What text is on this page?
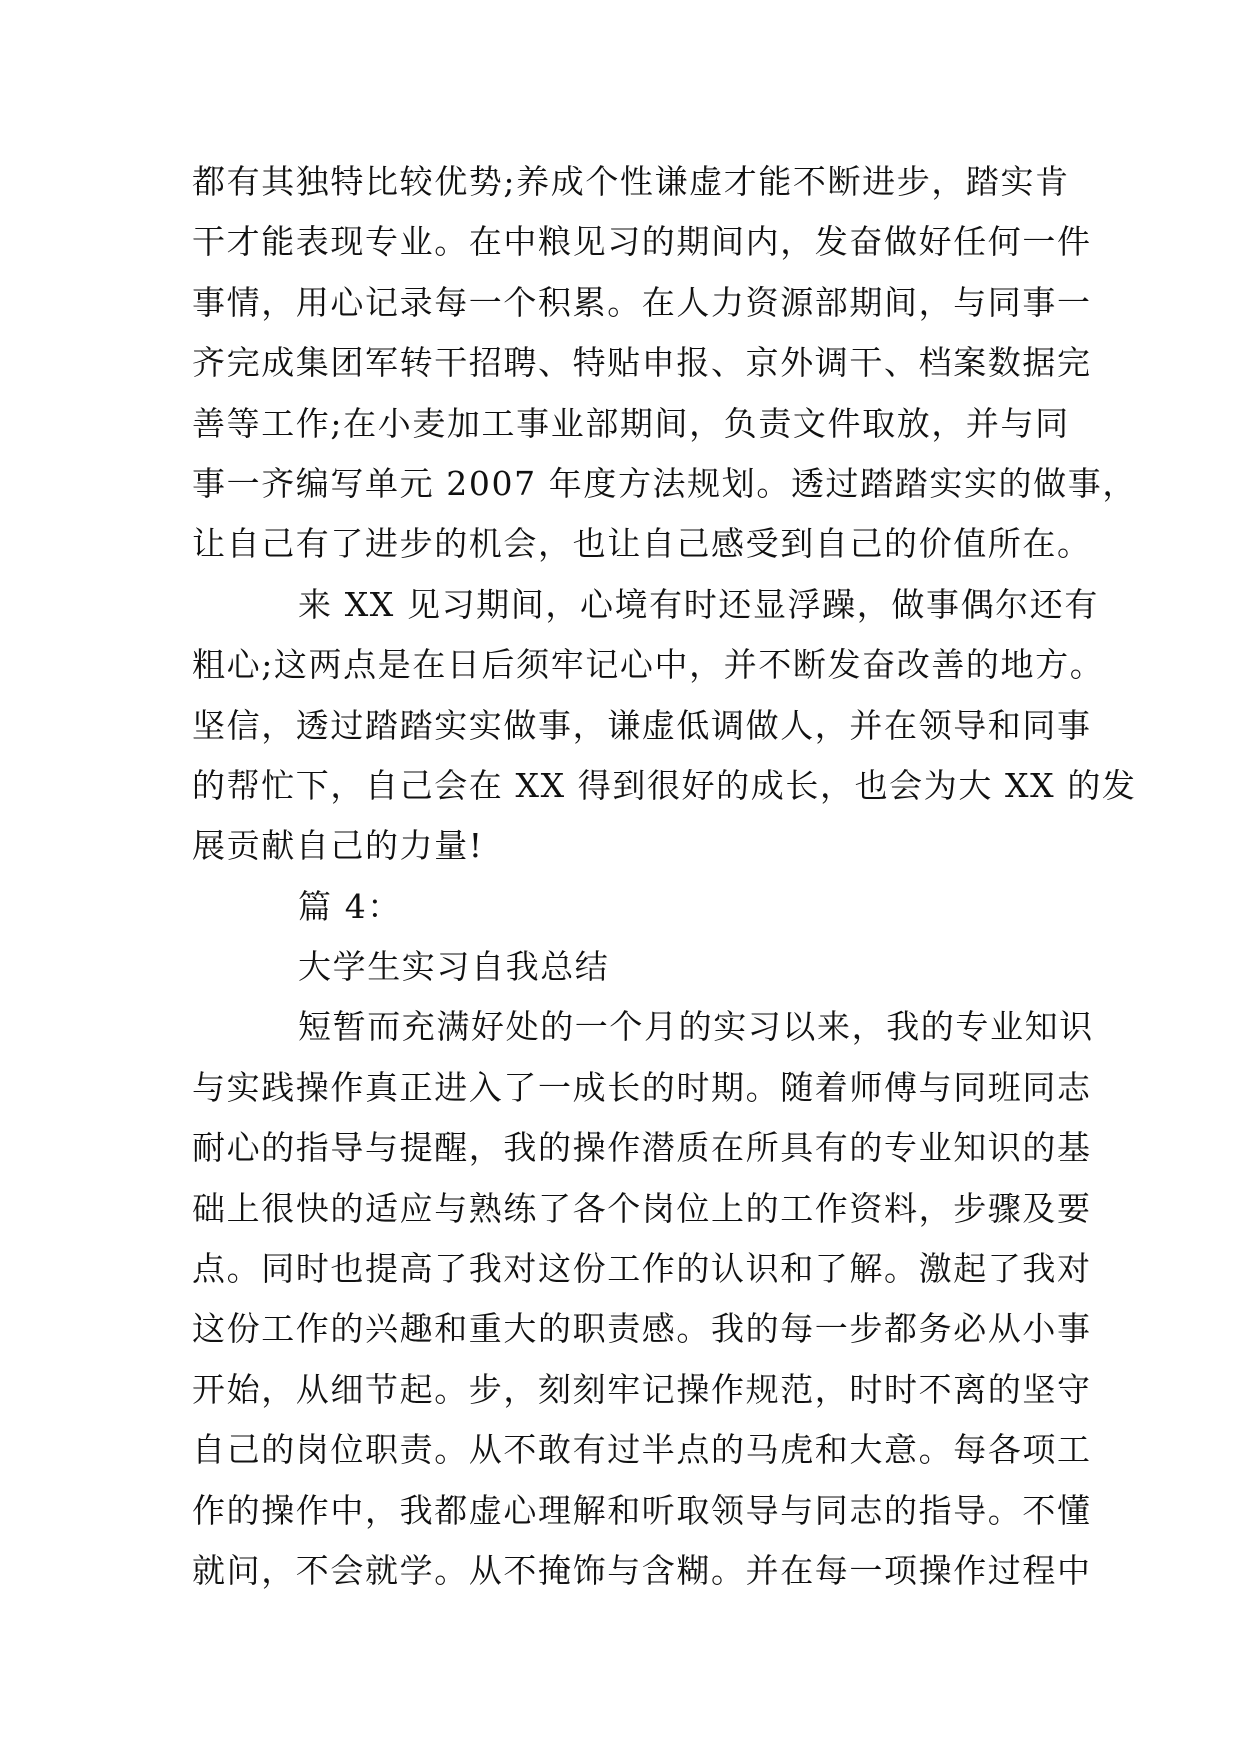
都有其独特比较优势;养成个性谦虚才能不断进步，踏实肯
干才能表现专业。在中粮见习的期间内，发奋做好任何一件
事情，用心记录每一个积累。在人力资源部期间，与同事一
齐完成集团军转干招聘、特贴申报、京外调干、档案数据完
善等工作;在小麦加工事业部期间，负责文件取放，并与同
事一齐编写单元 2007 年度方法规划。透过踏踏实实的做事，
让自己有了进步的机会，也让自己感受到自己的价值所在。
来 XX 见习期间，心境有时还显浮躁，做事偶尔还有
粗心;这两点是在日后须牢记心中，并不断发奋改善的地方。
坚信，透过踏踏实实做事，谦虚低调做人，并在领导和同事
的帮忙下，自己会在 XX 得到很好的成长，也会为大 XX 的发
展贡献自己的力量!
篇 4：
大学生实习自我总结
短暂而充满好处的一个月的实习以来，我的专业知识
与实践操作真正进入了一成长的时期。随着师傅与同班同志
耐心的指导与提醒，我的操作潜质在所具有的专业知识的基
础上很快的适应与熟练了各个岗位上的工作资料，步骤及要
点。同时也提高了我对这份工作的认识和了解。激起了我对
这份工作的兴趣和重大的职责感。我的每一步都务必从小事
开始，从细节起。步，刻刻牢记操作规范，时时不离的坚守
自己的岗位职责。从不敢有过半点的马虎和大意。每各项工
作的操作中，我都虚心理解和听取领导与同志的指导。不懂
就问，不会就学。从不掩饰与含糊。并在每一项操作过程中
